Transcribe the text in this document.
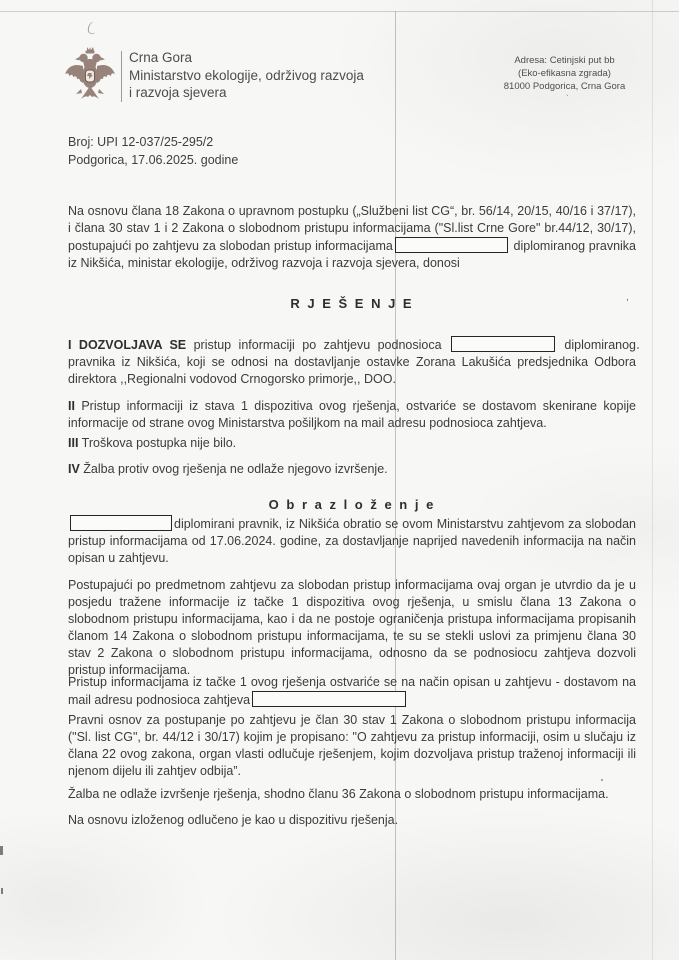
,
`
Crna Gora
Ministarstvo ekologije, održivog razvoja
i razvoja sjevera
Adresa: Cetinjski put bb
(Eko-efikasna zgrada)
81000 Podgorica, Crna Gora
Broj: UPI 12-037/25-295/2
Podgorica, 17.06.2025. godine

Na osnovu člana 18 Zakona o upravnom postupku („Službeni list CG“, br. 56/14, 20/15, 40/16 i 37/17), i člana 30 stav 1 i 2 Zakona o slobodnom pristupu informacijama ("Sl.list Crne Gore" br.44/12, 30/17), postupajući po zahtjevu za slobodan pristup informacijama	diplomiranog pravnika iz Nikšića, ministar ekologije, održivog razvoja i razvoja sjevera, donosi

R J E Š E N J E

I DOZVOLJAVA SE pristup informaciji po zahtjevu podnosioca	diplomiranog pravnika iz Nikšića, koji se odnosi na dostavljanje ostavke Zorana Lakušića predsjednika Odbora direktora ,,Regionalni vodovod Crnogorsko primorje,, DOO.

II Pristup informaciji iz stava 1 dispozitiva ovog rješenja, ostvariće se dostavom skenirane kopije informacije od strane ovog Ministarstva pošiljkom na mail adresu podnosioca zahtjeva.

III Troškova postupka nije bilo.

IV Žalba protiv ovog rješenja ne odlaže njegovo izvršenje.

O b r a z l o ž e n j e

diplomirani pravnik, iz Nikšića obratio se ovom Ministarstvu zahtjevom za slobodan pristup informacijama od 17.06.2024. godine, za dostavljanje naprijed navedenih informacija na način opisan u zahtjevu.

Postupajući po predmetnom zahtjevu za slobodan pristup informacijama ovaj organ je utvrdio da je u posjedu tražene informacije iz tačke 1 dispozitiva ovog rješenja, u smislu člana 13 Zakona o slobodnom pristupu informacijama, kao i da ne postoje ograničenja pristupa informacijama propisanih članom 14 Zakona o slobodnom pristupu informacijama, te su se stekli uslovi za primjenu člana 30 stav 2 Zakona o slobodnom pristupu informacijama, odnosno da se podnosiocu zahtjeva dozvoli pristup informacijama.

Pristup informacijama iz tačke 1 ovog rješenja ostvariće se na način opisan u zahtjevu - dostavom na mail adresu podnosioca zahtjeva

Pravni osnov za postupanje po zahtjevu je član 30 stav 1 Zakona o slobodnom pristupu informacija ("Sl. list CG", br. 44/12 i 30/17) kojim je propisano: "O zahtjevu za pristup informaciji, osim u slučaju iz člana 22 ovog zakona, organ vlasti odlučuje rješenjem, kojim dozvoljava pristup traženoj informaciji ili njenom dijelu ili zahtjev odbija”.

Žalba ne odlaže izvršenje rješenja, shodno članu 36 Zakona o slobodnom pristupu informacijama.

Na osnovu izloženog odlučeno je kao u dispozitivu rješenja.
